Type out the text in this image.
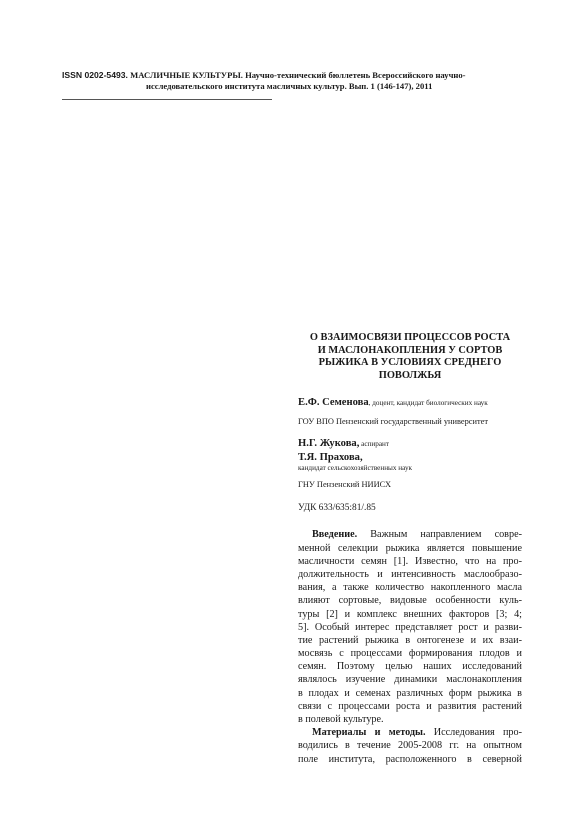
ISSN 0202-5493. МАСЛИЧНЫЕ КУЛЬТУРЫ. Научно-технический бюллетень Всероссийского научно-
исследовательского института масличных культур. Вып. 1 (146-147), 2011
О ВЗАИМОСВЯЗИ ПРОЦЕССОВ РОСТА
И МАСЛОНАКОПЛЕНИЯ У СОРТОВ
РЫЖИКА В УСЛОВИЯХ СРЕДНЕГО
ПОВОЛЖЬЯ
Е.Ф. Семенова, доцент, кандидат биологических наук
ГОУ ВПО Пензенский государственный университет
Н.Г. Жукова, аспирант
Т.Я. Прахова,
кандидат сельскохозяйственных наук
ГНУ Пензенский НИИСХ
УДК 633/635:81/.85
Введение. Важным направлением совре-
менной селекции рыжика является повышение
масличности семян [1]. Известно, что на про-
должительность и интенсивность маслообразо-
вания, а также количество накопленного масла
влияют сортовые, видовые особенности куль-
туры [2] и комплекс внешних факторов [3; 4;
5]. Особый интерес представляет рост и разви-
тие растений рыжика в онтогенезе и их взаи-
мосвязь с процессами формирования плодов и
семян. Поэтому целью наших исследований
являлось изучение динамики маслонакопления
в плодах и семенах различных форм рыжика в
связи с процессами роста и развития растений
в полевой культуре.
Материалы и методы. Исследования про-
водились в течение 2005-2008 гг. на опытном
поле института, расположенного в северной
